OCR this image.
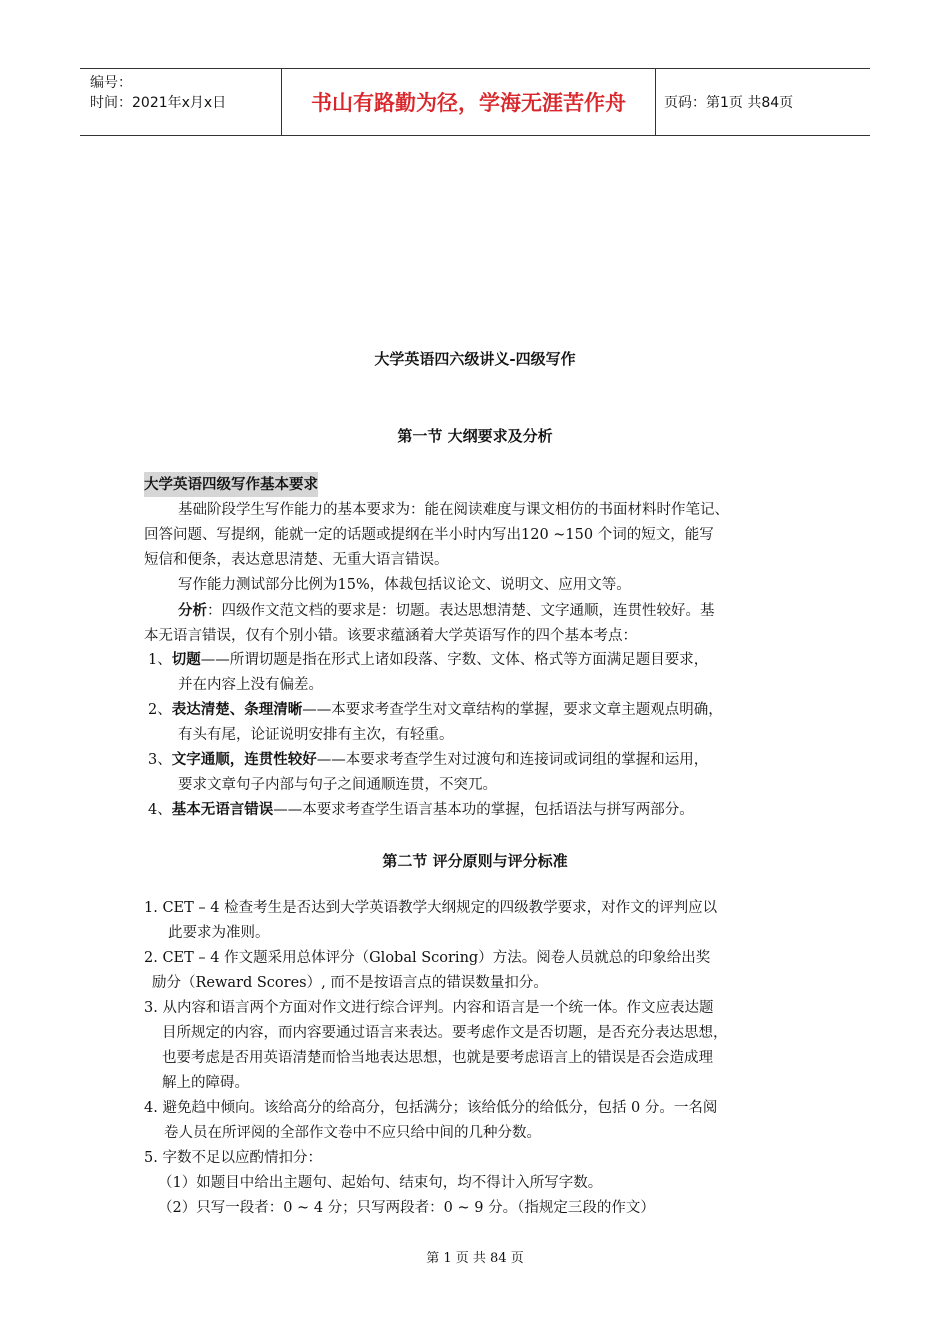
编号：
时间：2021年x月x日	书山有路勤为径，学海无涯苦作舟	页码：第1页 共84页
大学英语四六级讲义-四级写作
第一节 大纲要求及分析

大学英语四级写作基本要求

基础阶段学生写作能力的基本要求为：能在阅读难度与课文相仿的书面材料时作笔记、

回答问题、写提纲，能就一定的话题或提纲在半小时内写出120 ~150 个词的短文，能写

短信和便条，表达意思清楚、无重大语言错误。

写作能力测试部分比例为15%，体裁包括议论文、说明文、应用文等。

分析：四级作文范文档的要求是：切题。表达思想清楚、文字通顺，连贯性较好。基

本无语言错误，仅有个别小错。该要求蕴涵着大学英语写作的四个基本考点：

1、切题——所谓切题是指在形式上诸如段落、字数、文体、格式等方面满足题目要求，

并在内容上没有偏差。

2、表达清楚、条理清晰——本要求考查学生对文章结构的掌握，要求文章主题观点明确，

有头有尾，论证说明安排有主次，有轻重。

3、文字通顺，连贯性较好——本要求考查学生对过渡句和连接词或词组的掌握和运用，

要求文章句子内部与句子之间通顺连贯，不突兀。

4、基本无语言错误——本要求考查学生语言基本功的掌握，包括语法与拼写两部分。

第二节 评分原则与评分标准

1. CET – 4 检查考生是否达到大学英语教学大纲规定的四级教学要求，对作文的评判应以

此要求为准则。

2. CET – 4 作文题采用总体评分（Global Scoring）方法。阅卷人员就总的印象给出奖

励分（Reward Scores）, 而不是按语言点的错误数量扣分。

3. 从内容和语言两个方面对作文进行综合评判。内容和语言是一个统一体。作文应表达题

目所规定的内容，而内容要通过语言来表达。要考虑作文是否切题，是否充分表达思想，

也要考虑是否用英语清楚而恰当地表达思想，也就是要考虑语言上的错误是否会造成理

解上的障碍。

4. 避免趋中倾向。该给高分的给高分，包括满分；该给低分的给低分，包括 0 分。一名阅

卷人员在所评阅的全部作文卷中不应只给中间的几种分数。

5. 字数不足以应酌情扣分：

（1）如题目中给出主题句、起始句、结束句，均不得计入所写字数。

（2）只写一段者：0 ~ 4 分；只写两段者：0 ~ 9 分。（指规定三段的作文）

第 1 页 共 84 页
